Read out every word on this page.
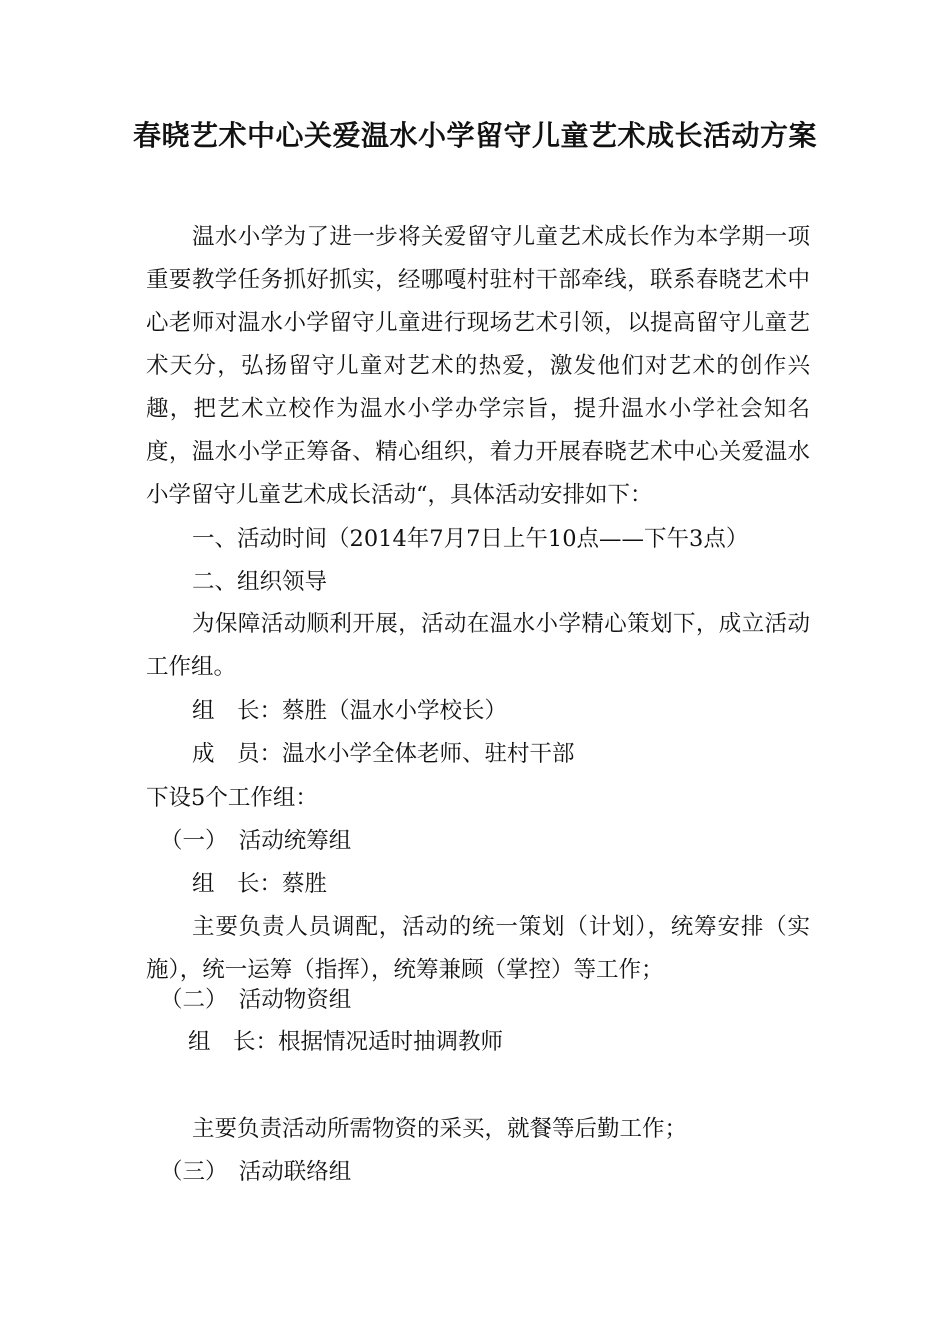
春晓艺术中心关爱温水小学留守儿童艺术成长活动方案
温水小学为了进一步将关爱留守儿童艺术成长作为本学期一项重要教学任务抓好抓实，经哪嘎村驻村干部牵线，联系春晓艺术中心老师对温水小学留守儿童进行现场艺术引领，以提高留守儿童艺术天分，弘扬留守儿童对艺术的热爱，激发他们对艺术的创作兴趣，把艺术立校作为温水小学办学宗旨，提升温水小学社会知名度，温水小学正筹备、精心组织，着力开展春晓艺术中心关爱温水小学留守儿童艺术成长活动“，具体活动安排如下：
一、活动时间（2014年7月7日上午10点——下午3点）
二、组织领导
为保障活动顺利开展，活动在温水小学精心策划下，成立活动工作组。
组　长：蔡胜（温水小学校长）
成　员：温水小学全体老师、驻村干部
下设5个工作组：
（一）　活动统筹组
组　长：蔡胜
主要负责人员调配，活动的统一策划（计划），统筹安排（实施），统一运筹（指挥），统筹兼顾（掌控）等工作；
（二）　活动物资组
组　长：根据情况适时抽调教师
主要负责活动所需物资的采买，就餐等后勤工作；
（三）　活动联络组
